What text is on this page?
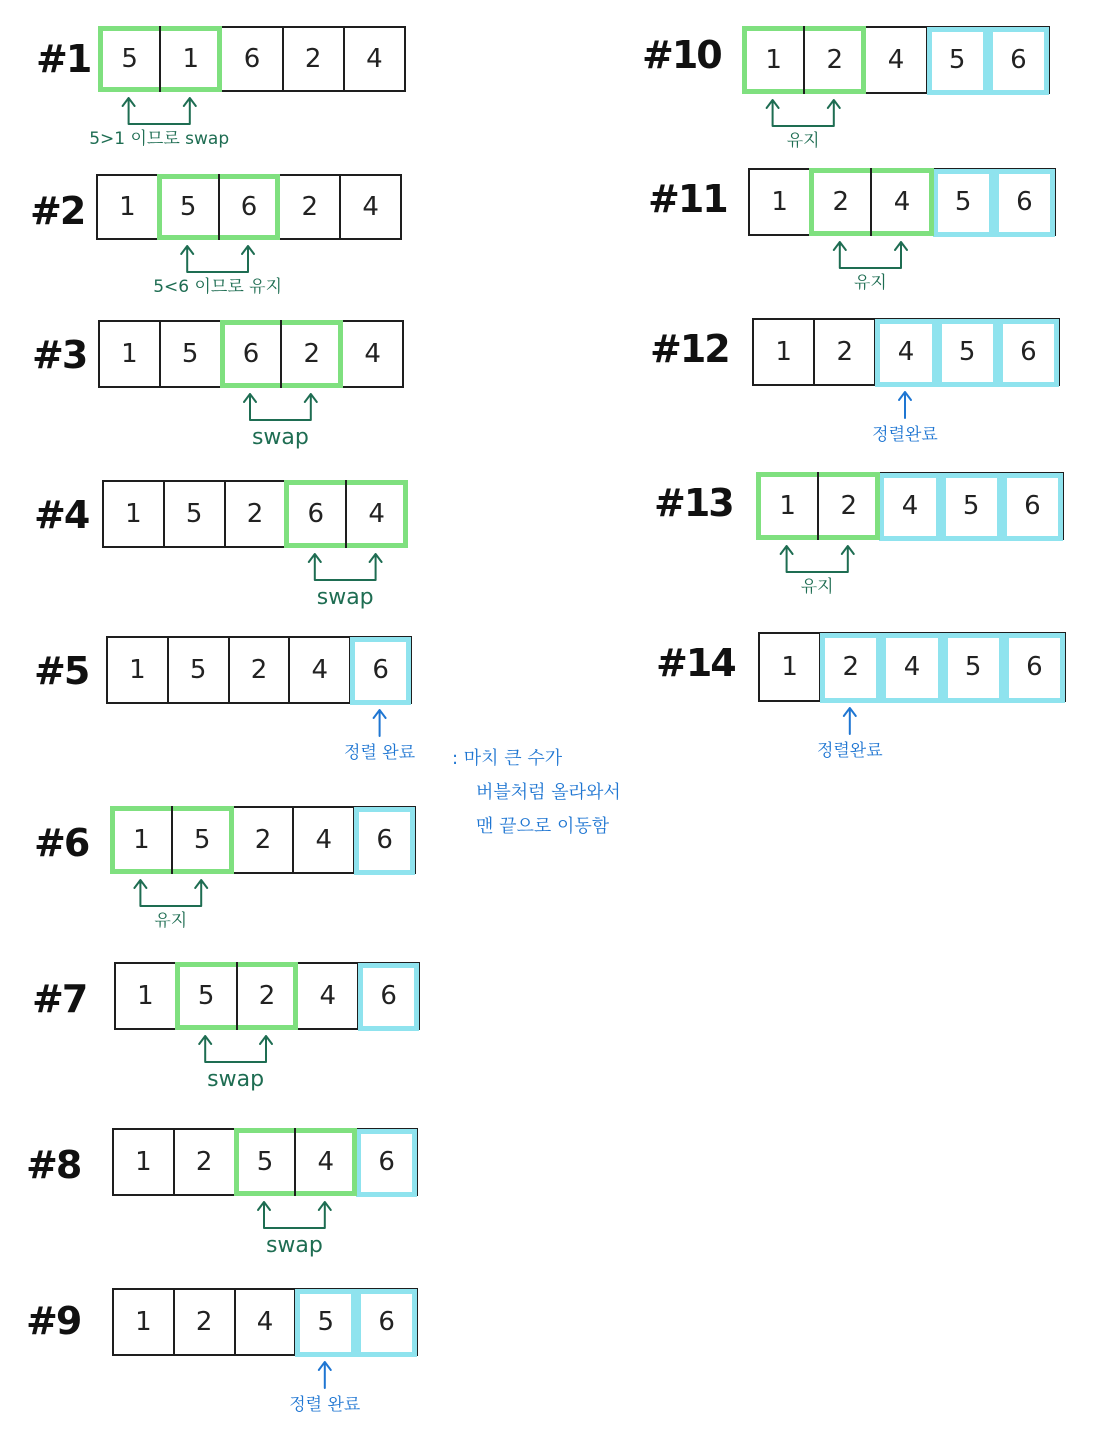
#1	5	1	6	2	4
5>1 이므로 swap
#2	1	5	6	2	4
5<6 이므로 유지
#3	1	5	6	2	4
swap
#4	1	5	2	6	4
swap
#5	1	5	2	4	6
정렬 완료
#6	1	5	2	4	6
유지
#7	1	5	2	4	6
swap
#8	1	2	5	4	6
swap
#9	1	2	4	5	6
정렬 완료
#10	1	2	4	5	6
유지
#11	1	2	4	5	6
유지
#12	1	2	4	5	6
정렬완료
#13	1	2	4	5	6
유지
#14	1	2	4	5	6
정렬완료
: 마치 큰 수가
버블처럼 올라와서
맨 끝으로 이동함
